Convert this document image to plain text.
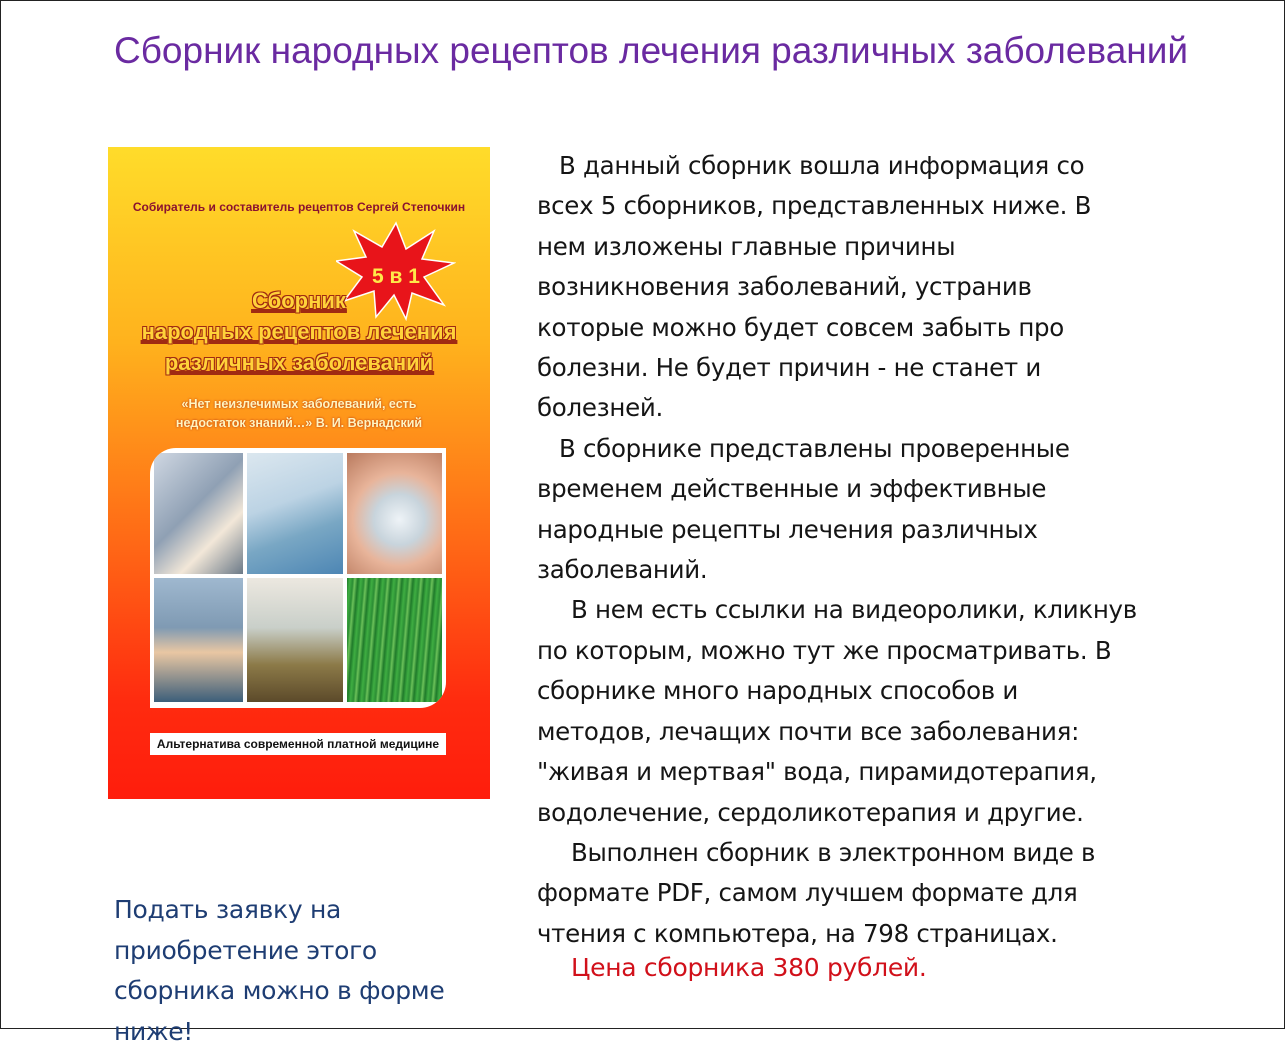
Сборник народных рецептов лечения различных заболеваний
Собиратель и составитель рецептов Сергей Степочкин
5 в 1
Сборник
народных рецептов лечения
различных заболеваний
«Нет неизлечимых заболеваний, есть
недостаток знаний…» В. И. Вернадский
Альтернатива современной платной медицине

В данный сборник вошла информация со всех 5 сборников, представленных ниже. В нем изложены главные причины возникновения заболеваний, устранив которые можно будет совсем забыть про болезни. Не будет причин - не станет и болезней.

В сборнике представлены проверенные временем действенные и эффективные народные рецепты лечения различных заболеваний.

В нем есть ссылки на видеоролики, кликнув по которым, можно тут же просматривать. В сборнике много народных способов и методов, лечащих почти все заболевания: "живая и мертвая" вода, пирамидотерапия, водолечение, сердоликотерапия и другие.

Выполнен сборник в электронном виде в формате PDF, самом лучшем формате для чтения с компьютера, на 798 страницах.

Подать заявку на приобретение этого сборника можно в форме ниже!
Цена сборника 380 рублей.
